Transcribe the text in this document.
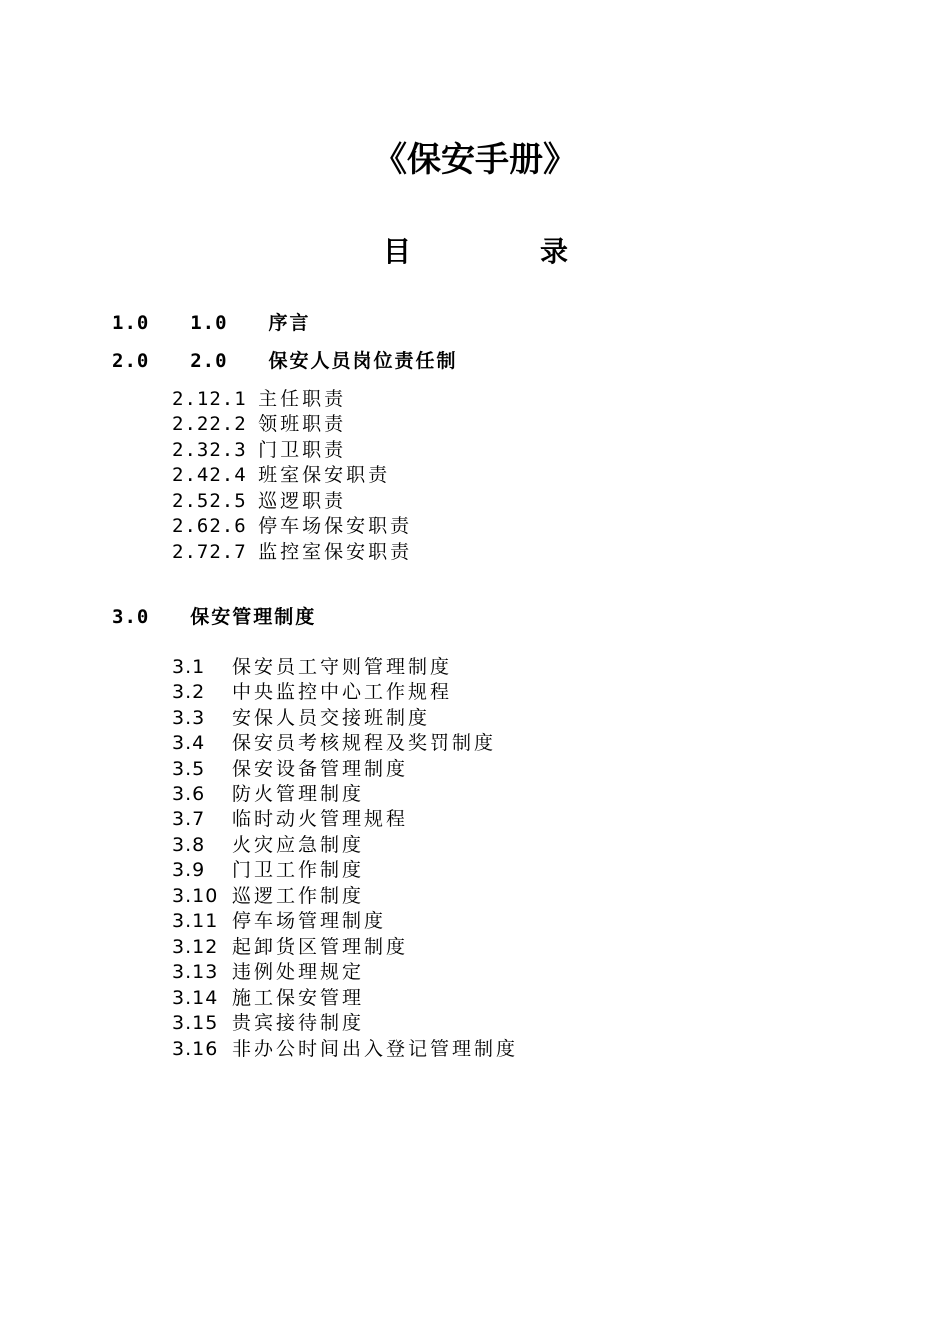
《保安手册》
目	录
1.0 1.0 序言
2.0 2.0 保安人员岗位责任制
2.12.1 主任职责
2.22.2 领班职责
2.32.3 门卫职责
2.42.4 班室保安职责
2.52.5 巡逻职责
2.62.6 停车场保安职责
2.72.7 监控室保安职责
3.0 保安管理制度
3.1 保安员工守则管理制度
3.2 中央监控中心工作规程
3.3 安保人员交接班制度
3.4 保安员考核规程及奖罚制度
3.5 保安设备管理制度
3.6 防火管理制度
3.7 临时动火管理规程
3.8 火灾应急制度
3.9 门卫工作制度
3.10 巡逻工作制度
3.11 停车场管理制度
3.12 起卸货区管理制度
3.13 违例处理规定
3.14 施工保安管理
3.15 贵宾接待制度
3.16 非办公时间出入登记管理制度
